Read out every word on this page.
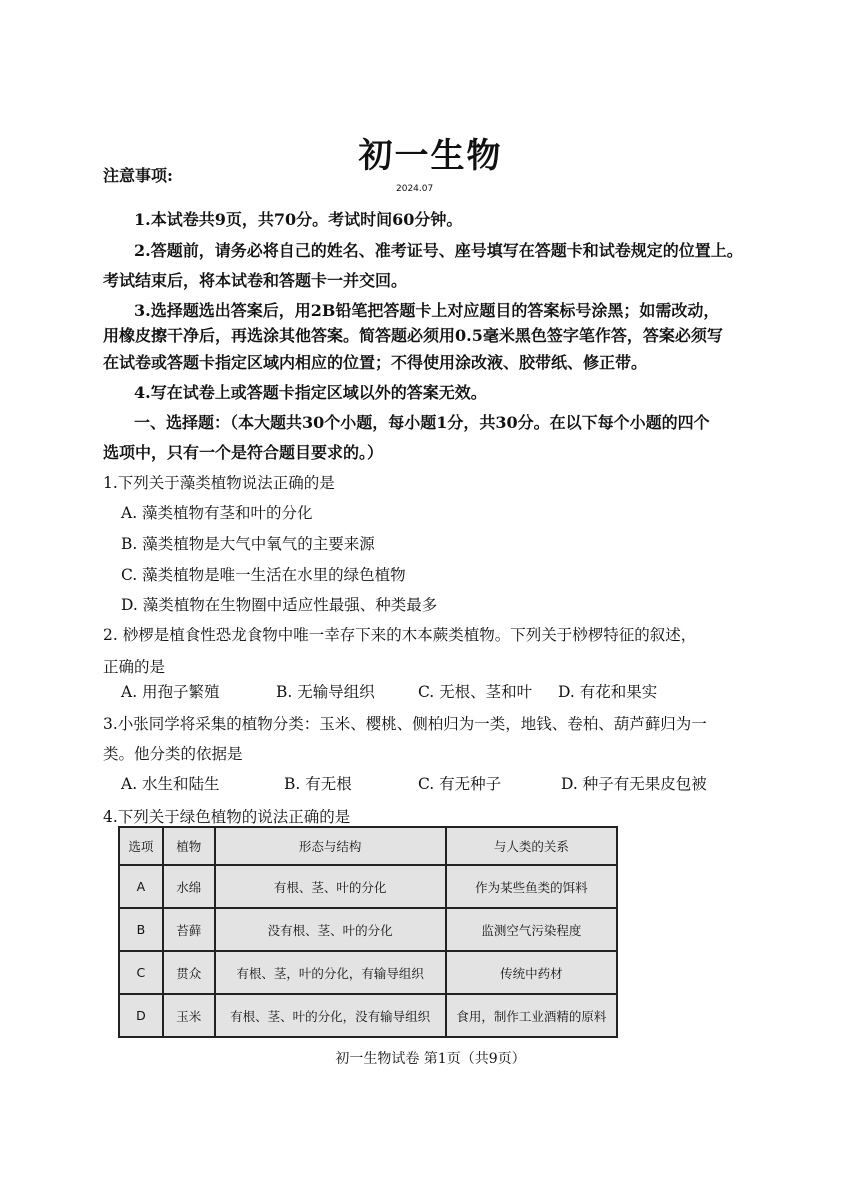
初一生物
2024.07
注意事项:
1.本试卷共9页，共70分。考试时间60分钟。
2.答题前，请务必将自己的姓名、准考证号、座号填写在答题卡和试卷规定的位置上。
考试结束后，将本试卷和答题卡一并交回。
3.选择题选出答案后，用2B铅笔把答题卡上对应题目的答案标号涂黑；如需改动，
用橡皮擦干净后，再选涂其他答案。简答题必须用0.5毫米黑色签字笔作答，答案必须写
在试卷或答题卡指定区域内相应的位置；不得使用涂改液、胶带纸、修正带。
4.写在试卷上或答题卡指定区域以外的答案无效。
一、选择题：（本大题共30个小题，每小题1分，共30分。在以下每个小题的四个
选项中，只有一个是符合题目要求的。）
1.下列关于藻类植物说法正确的是
A. 藻类植物有茎和叶的分化
B. 藻类植物是大气中氧气的主要来源
C. 藻类植物是唯一生活在水里的绿色植物
D. 藻类植物在生物圈中适应性最强、种类最多
2. 桫椤是植食性恐龙食物中唯一幸存下来的木本蕨类植物。下列关于桫椤特征的叙述，
正确的是
A. 用孢子繁殖	B. 无输导组织	C. 无根、茎和叶 D. 有花和果实
3.小张同学将采集的植物分类：玉米、樱桃、侧柏归为一类，地钱、卷柏、葫芦藓归为一
类。他分类的依据是
A. 水生和陆生	B. 有无根	C. 有无种子	D. 种子有无果皮包被
4.下列关于绿色植物的说法正确的是
选项	植物	形态与结构	与人类的关系
A	水绵	有根、茎、叶的分化	作为某些鱼类的饵料
B	苔藓	没有根、茎、叶的分化	监测空气污染程度
C	贯众	有根、茎，叶的分化，有输导组织	传统中药材
D	玉米	有根、茎、叶的分化，没有输导组织	食用，制作工业酒精的原料
初一生物试卷 第1页（共9页）
